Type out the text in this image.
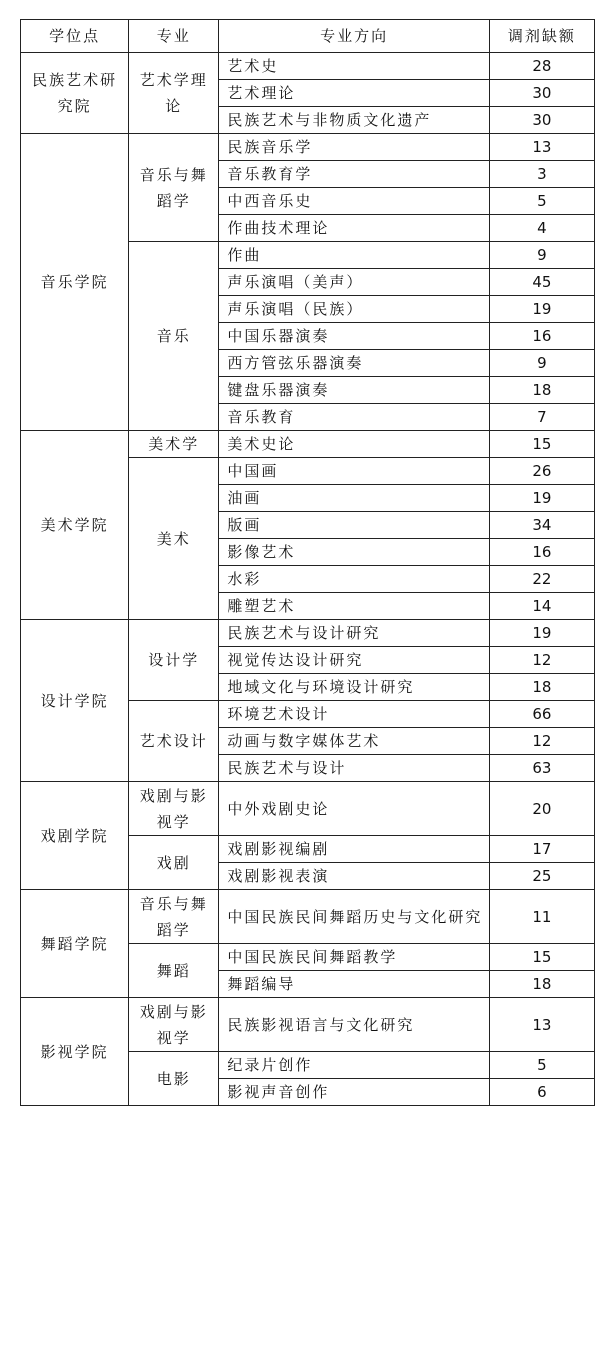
学位点	专业	专业方向	调剂缺额
民族艺术研究院	艺术学理论	艺术史	28
		艺术理论	30
		民族艺术与非物质文化遗产	30
音乐学院	音乐与舞蹈学	民族音乐学	13
		音乐教育学	3
		中西音乐史	5
		作曲技术理论	4
	音乐	作曲	9
		声乐演唱（美声）	45
		声乐演唱（民族）	19
		中国乐器演奏	16
		西方管弦乐器演奏	9
		键盘乐器演奏	18
		音乐教育	7
美术学院	美术学	美术史论	15
	美术	中国画	26
		油画	19
		版画	34
		影像艺术	16
		水彩	22
		雕塑艺术	14
设计学院	设计学	民族艺术与设计研究	19
		视觉传达设计研究	12
		地域文化与环境设计研究	18
	艺术设计	环境艺术设计	66
		动画与数字媒体艺术	12
		民族艺术与设计	63
戏剧学院	戏剧与影视学	中外戏剧史论	20
	戏剧	戏剧影视编剧	17
		戏剧影视表演	25
舞蹈学院	音乐与舞蹈学	中国民族民间舞蹈历史与文化研究	11
	舞蹈	中国民族民间舞蹈教学	15
		舞蹈编导	18
影视学院	戏剧与影视学	民族影视语言与文化研究	13
	电影	纪录片创作	5
		影视声音创作	6
